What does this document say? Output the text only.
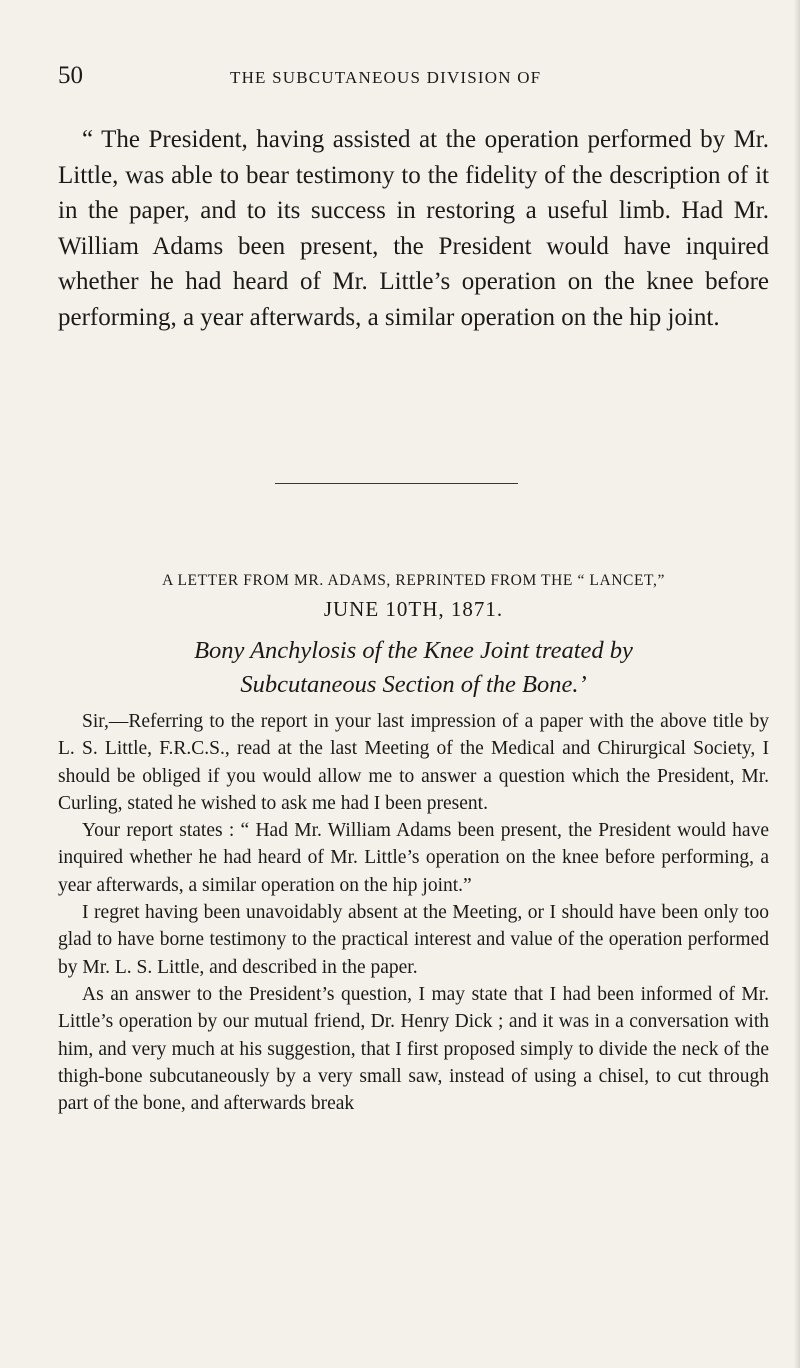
50	THE SUBCUTANEOUS DIVISION OF

“ The President, having assisted at the operation performed by Mr. Little, was able to bear testimony to the fidelity of the description of it in the paper, and to its success in restoring a useful limb. Had Mr. William Adams been present, the President would have inquired whether he had heard of Mr. Little’s operation on the knee before performing, a year afterwards, a similar operation on the hip joint.

A LETTER FROM MR. ADAMS, REPRINTED FROM THE “ LANCET,”
JUNE 10TH, 1871.
Bony Anchylosis of the Knee Joint treated by
Subcutaneous Section of the Bone.’

Sir,—Referring to the report in your last impression of a paper with the above title by L. S. Little, F.R.C.S., read at the last Meeting of the Medical and Chirurgical Society, I should be obliged if you would allow me to answer a question which the President, Mr. Curling, stated he wished to ask me had I been present.

Your report states : “ Had Mr. William Adams been present, the President would have inquired whether he had heard of Mr. Little’s operation on the knee before performing, a year afterwards, a similar operation on the hip joint.”

I regret having been unavoidably absent at the Meeting, or I should have been only too glad to have borne testimony to the practical interest and value of the operation performed by Mr. L. S. Little, and described in the paper.

As an answer to the President’s question, I may state that I had been informed of Mr. Little’s operation by our mutual friend, Dr. Henry Dick ; and it was in a conversation with him, and very much at his suggestion, that I first proposed simply to divide the neck of the thigh-bone subcutaneously by a very small saw, instead of using a chisel, to cut through part of the bone, and afterwards break
